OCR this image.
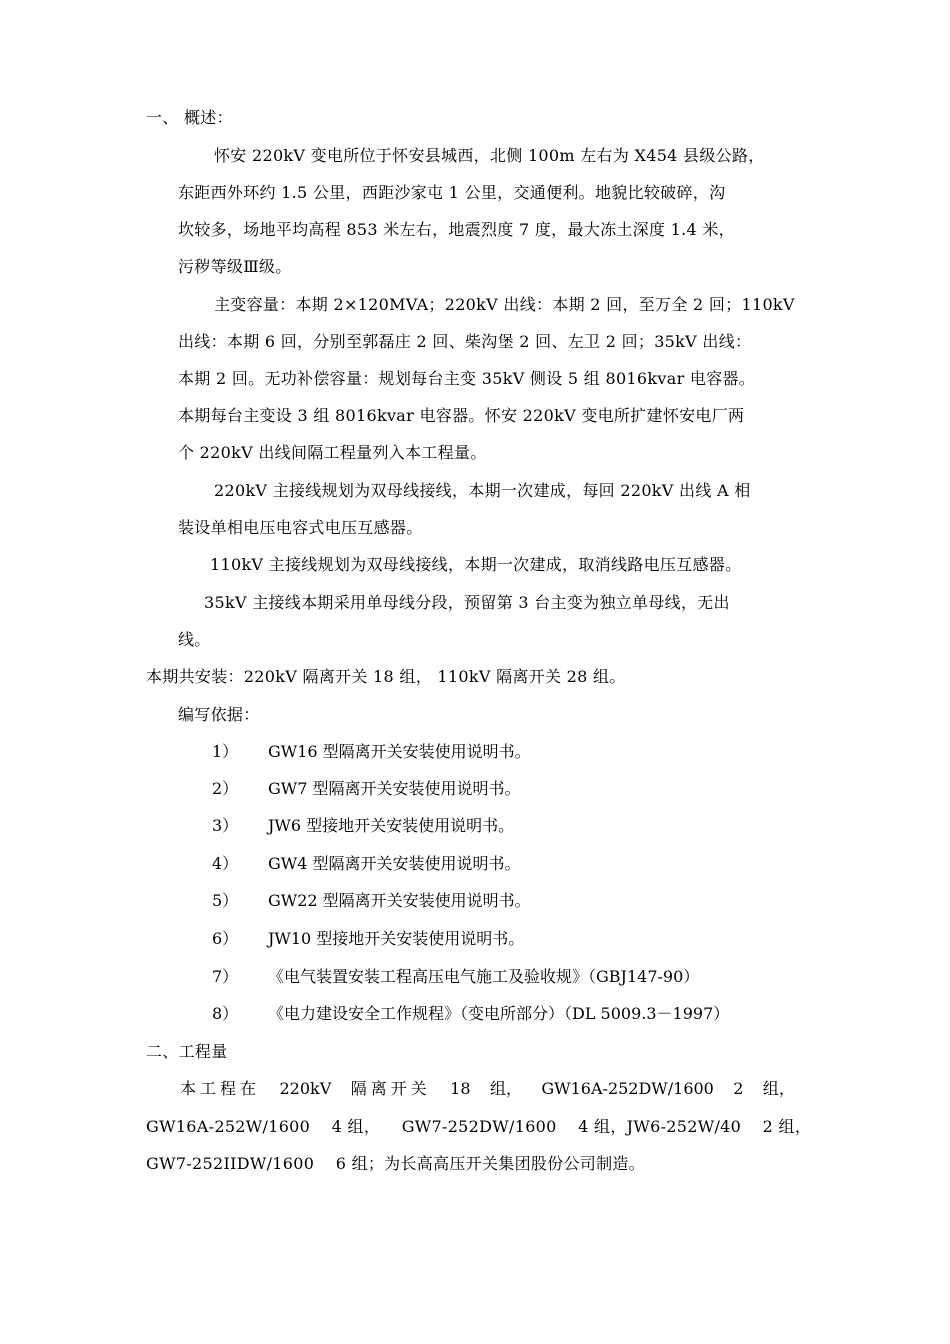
一、 概述：
怀安 220kV 变电所位于怀安县城西，北侧 100m 左右为 X454 县级公路，
东距西外环约 1.5 公里，西距沙家屯 1 公里，交通便利。地貌比较破碎，沟
坎较多，场地平均高程 853 米左右，地震烈度 7 度，最大冻土深度 1.4 米，
污秽等级Ⅲ级。
主变容量：本期 2×120MVA；220kV 出线：本期 2 回，至万全 2 回；110kV
出线：本期 6 回，分别至郭磊庄 2 回、柴沟堡 2 回、左卫 2 回；35kV 出线：
本期 2 回。无功补偿容量：规划每台主变 35kV 侧设 5 组 8016kvar 电容器。
本期每台主变设 3 组 8016kvar 电容器。怀安 220kV 变电所扩建怀安电厂两
个 220kV 出线间隔工程量列入本工程量。
220kV 主接线规划为双母线接线，本期一次建成，每回 220kV 出线 A 相
装设单相电压电容式电压互感器。
110kV 主接线规划为双母线接线，本期一次建成，取消线路电压互感器。
35kV 主接线本期采用单母线分段，预留第 3 台主变为独立单母线，无出
线。
本期共安装：220kV 隔离开关 18 组， 110kV 隔离开关 28 组。
编写依据：
1） GW16 型隔离开关安装使用说明书。
2） GW7 型隔离开关安装使用说明书。
3） JW6 型接地开关安装使用说明书。
4） GW4 型隔离开关安装使用说明书。
5） GW22 型隔离开关安装使用说明书。
6） JW10 型接地开关安装使用说明书。
7） 《电气装置安装工程高压电气施工及验收规》（GBJ147-90）
8） 《电力建设安全工作规程》（变电所部分）（DL 5009.3－1997）
二、工程量
本工程在 220kV 隔离开关 18 组， GW16A-252DW/1600 2 组，
GW16A-252W/1600    4 组，    GW7-252DW/1600    4 组，JW6-252W/40    2 组，
GW7-252IIDW/1600    6 组；为长高高压开关集团股份公司制造。
